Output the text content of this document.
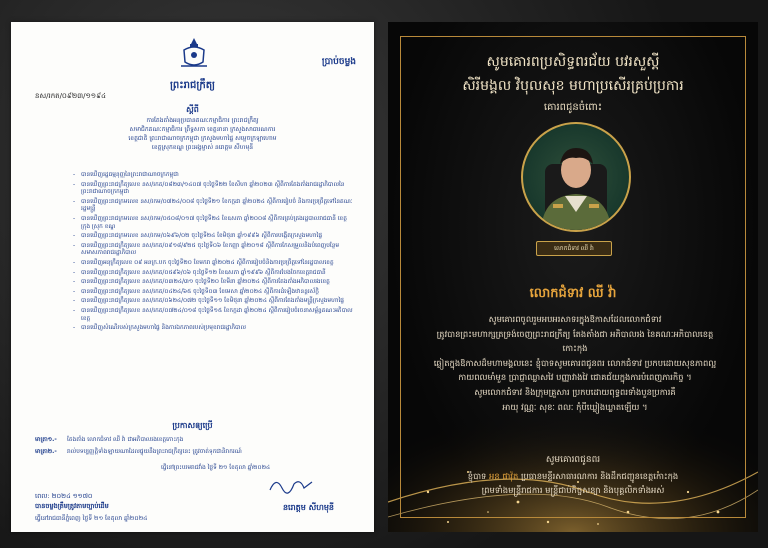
ប្រាប់ចម្លង
ព្រះរាជក្រឹត្យ
នស/រកត/០៩២៣/១១៩៤
ស្តីពី
ការតែងតាំងអនុប្រធានគណៈកម្មាធិការ ព្រះរាជក្រឹត្យ
សមាជិកគណៈកម្មាធិការ ព្រឹទ្ធសភា ខេត្តនានា ក្រសួងសាធារណការ
ខេត្តជាតិ ព្រះរាជាណាចក្រកម្ពុជា ក្រសួងមហាផ្ទៃ សម្តេចក្រឡាហោម
ខេត្តស្រុកខណ្ឌ ព្រះអង្គម្ចាស់ នរោត្តម សីហមុនី
- បានឃើញរដ្ឋធម្មនុញ្ញនៃព្រះរាជាណាចក្រកម្ពុជា
- បានឃើញព្រះរាជក្រឹត្យលេខ នស/រកត/០៨២៣/១៤០៧ ចុះថ្ងៃទី២២ ខែសីហា ឆ្នាំ២០២៣ ស្តីពីការតែងតាំងរាជរដ្ឋាភិបាលនៃព្រះរាជាណាចក្រកម្ពុជា
- បានឃើញព្រះរាជក្រមលេខ នស/រកម/០៧២៤/០០៨ ចុះថ្ងៃទី២១ ខែកក្កដា ឆ្នាំ២០២៤ ស្តីពីការរៀបចំ និងការប្រព្រឹត្តទៅនៃគណៈរដ្ឋមន្ត្រី
- បានឃើញព្រះរាជក្រមលេខ នស/រកម/០៥០៨/០១៧ ចុះថ្ងៃទី២៤ ខែឧសភា ឆ្នាំ២០០៨ ស្តីពីការគ្រប់គ្រងរដ្ឋបាលរាជធានី ខេត្ត ក្រុង ស្រុក ខណ្ឌ
- បានឃើញព្រះរាជក្រមលេខ នស/រកម/០៦៩៦/០២ ចុះថ្ងៃទី២៤ ខែមិថុនា ឆ្នាំ១៩៩៦ ស្តីពីការបង្កើតក្រសួងមហាផ្ទៃ
- បានឃើញព្រះរាជក្រឹត្យលេខ នស/រកត/០៩១៨/៩២៥ ចុះថ្ងៃទី០៦ ខែកញ្ញា ឆ្នាំ២០១៨ ស្តីពីការកែសម្រួលនិងបំពេញបន្ថែមសមាសភាពរាជរដ្ឋាភិបាល
- បានឃើញអនុក្រឹត្យលេខ ០៩ អនក្រ.បក ចុះថ្ងៃទី២០ ខែមករា ឆ្នាំ២០២៤ ស្តីពីការរៀបចំនិងការប្រព្រឹត្តទៅនៃរដ្ឋបាលខេត្ត
- បានឃើញព្រះរាជក្រឹត្យលេខ នស/រកត/០៥៩៦/០៦ ចុះថ្ងៃទី១២ ខែឧសភា ឆ្នាំ១៩៩៦ ស្តីពីការបែងចែកខេត្តរាជធានី
- បានឃើញព្រះរាជក្រឹត្យលេខ នស/រកត/០៣២៤/៣១ ចុះថ្ងៃទី២០ ខែមីនា ឆ្នាំ២០២៤ ស្តីពីការតែងតាំងអភិបាលរងខេត្ត
- បានឃើញព្រះរាជក្រឹត្យលេខ នស/រកត/០៤២៤/៦៥ ចុះថ្ងៃទី០៣ ខែមេសា ឆ្នាំ២០២៤ ស្តីពីការដំឡើងឋានន្តរស័ក្តិ
- បានឃើញព្រះរាជក្រឹត្យលេខ នស/រកត/០៦២៤/០៧២ ចុះថ្ងៃទី១១ ខែមិថុនា ឆ្នាំ២០២៤ ស្តីពីការតែងតាំងមន្ត្រីក្រសួងមហាផ្ទៃ
- បានឃើញព្រះរាជក្រឹត្យលេខ នស/រកត/០៧២៤/០១៨ ចុះថ្ងៃទី១៥ ខែកក្កដា ឆ្នាំ២០២៤ ស្តីពីការរៀបចំរចនាសម្ព័ន្ធគណៈអភិបាលខេត្ត
- បានឃើញសំណើរបស់ក្រសួងមហាផ្ទៃ និងការឯកភាពរបស់ប្រមុខរាជរដ្ឋាភិបាល
ប្រកាសឲ្យប្រើ
មាត្រា១.- តែងតាំង លោកជំទាវ ឈី វ៉ា ជាអភិបាលរងខេត្តកោះកុង
មាត្រា២.- រាល់បទប្បញ្ញត្តិទាំងឡាយណាដែលផ្ទុយនឹងព្រះរាជក្រឹត្យនេះ ត្រូវចាត់ទុកជានិរាករណ៍
ធ្វើនៅព្រះបរមរាជវាំង ថ្ងៃទី ២១ ខែតុលា ឆ្នាំ២០២៤
នរោត្តម សីហមុនី
ពេល: ២០២៤ ១១៧០
បានចម្លងត្រឹមត្រូវតាមច្បាប់ដើម
ធ្វើនៅរាជធានីភ្នំពេញ ថ្ងៃទី ២១ ខែតុលា ឆ្នាំ២០២៤
សូមគោរពប្រសិទ្ធពរជ័យ បវរសួស្តី
សិរីមង្គល វិបុលសុខ មហាប្រសើរគ្រប់ប្រការ
គោរពជូនចំពោះ
លោកជំទាវ ឈី វ៉ា
លោកជំទាវ ឈី វ៉ា
សូមគោរពចូលរួមអបអរសាទរក្នុងឱកាសដែលលោកជំទាវ
ត្រូវបានព្រះមហាក្សត្រទ្រង់ចេញព្រះរាជក្រឹត្យ តែងតាំងជា អភិបាលរង នៃគណៈអភិបាលខេត្តកោះកុង
ឆ្លៀតក្នុងឱកាសដ៏មហាមង្គលនេះ ខ្ញុំបាទសូមគោរពជូនពរ លោកជំទាវ ប្រកបដោយសុខភាពល្អ
កាយពលមាំមួន ប្រាជ្ញាឈ្លាសវៃ បញ្ញាវាងវៃ ជោគជ័យក្នុងការបំពេញភារកិច្ច ។
សូមលោកជំទាវ និងក្រុមគ្រួសារ ប្រកបដោយពុទ្ធពរទាំងបួនប្រការគឺ
អាយុ វណ្ណៈ សុខៈ ពលៈ កុំបីឃ្លៀងឃ្លាតឡើយ ។
សូមគោរពជូនពរ
ខ្ញុំបាទ អន ផាវ៉ុត ប្រធានមន្ទីរសាធារណការ និងដឹកជញ្ជូនខេត្តកោះកុង
ព្រមទាំងមន្ត្រីរាជការ មន្ត្រីជាប់កិច្ចសន្យា និងបុគ្គលិកទាំងអស់
